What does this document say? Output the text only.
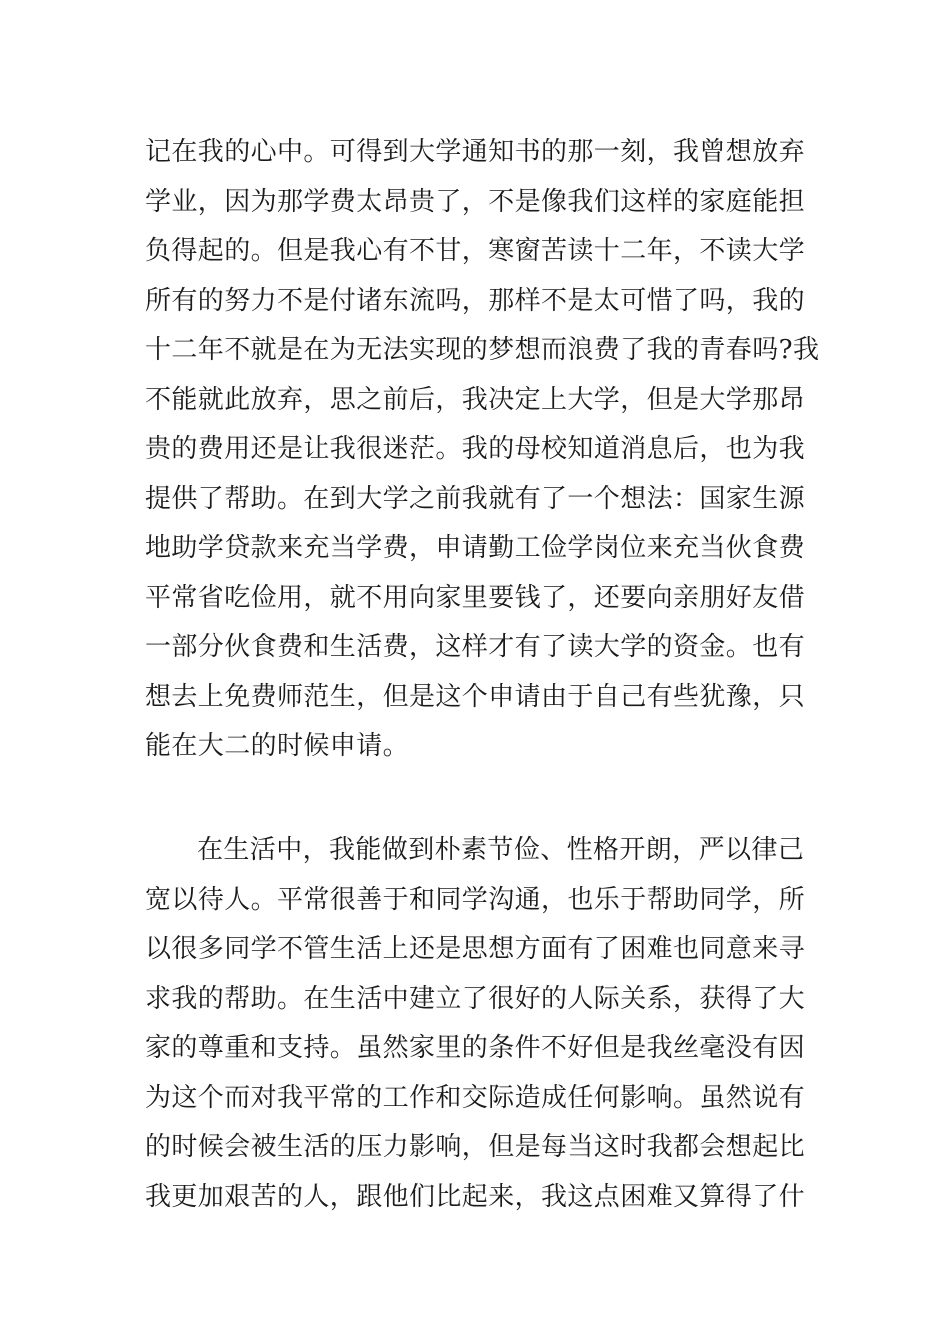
记在我的心中。可得到大学通知书的那一刻，我曾想放弃
学业，因为那学费太昂贵了，不是像我们这样的家庭能担
负得起的。但是我心有不甘，寒窗苦读十二年，不读大学
所有的努力不是付诸东流吗，那样不是太可惜了吗，我的
十二年不就是在为无法实现的梦想而浪费了我的青春吗?我
不能就此放弃，思之前后，我决定上大学，但是大学那昂
贵的费用还是让我很迷茫。我的母校知道消息后，也为我
提供了帮助。在到大学之前我就有了一个想法：国家生源
地助学贷款来充当学费，申请勤工俭学岗位来充当伙食费
平常省吃俭用，就不用向家里要钱了，还要向亲朋好友借
一部分伙食费和生活费，这样才有了读大学的资金。也有
想去上免费师范生，但是这个申请由于自己有些犹豫，只
能在大二的时候申请。
在生活中，我能做到朴素节俭、性格开朗，严以律己
宽以待人。平常很善于和同学沟通，也乐于帮助同学，所
以很多同学不管生活上还是思想方面有了困难也同意来寻
求我的帮助。在生活中建立了很好的人际关系，获得了大
家的尊重和支持。虽然家里的条件不好但是我丝毫没有因
为这个而对我平常的工作和交际造成任何影响。虽然说有
的时候会被生活的压力影响，但是每当这时我都会想起比
我更加艰苦的人，跟他们比起来，我这点困难又算得了什
